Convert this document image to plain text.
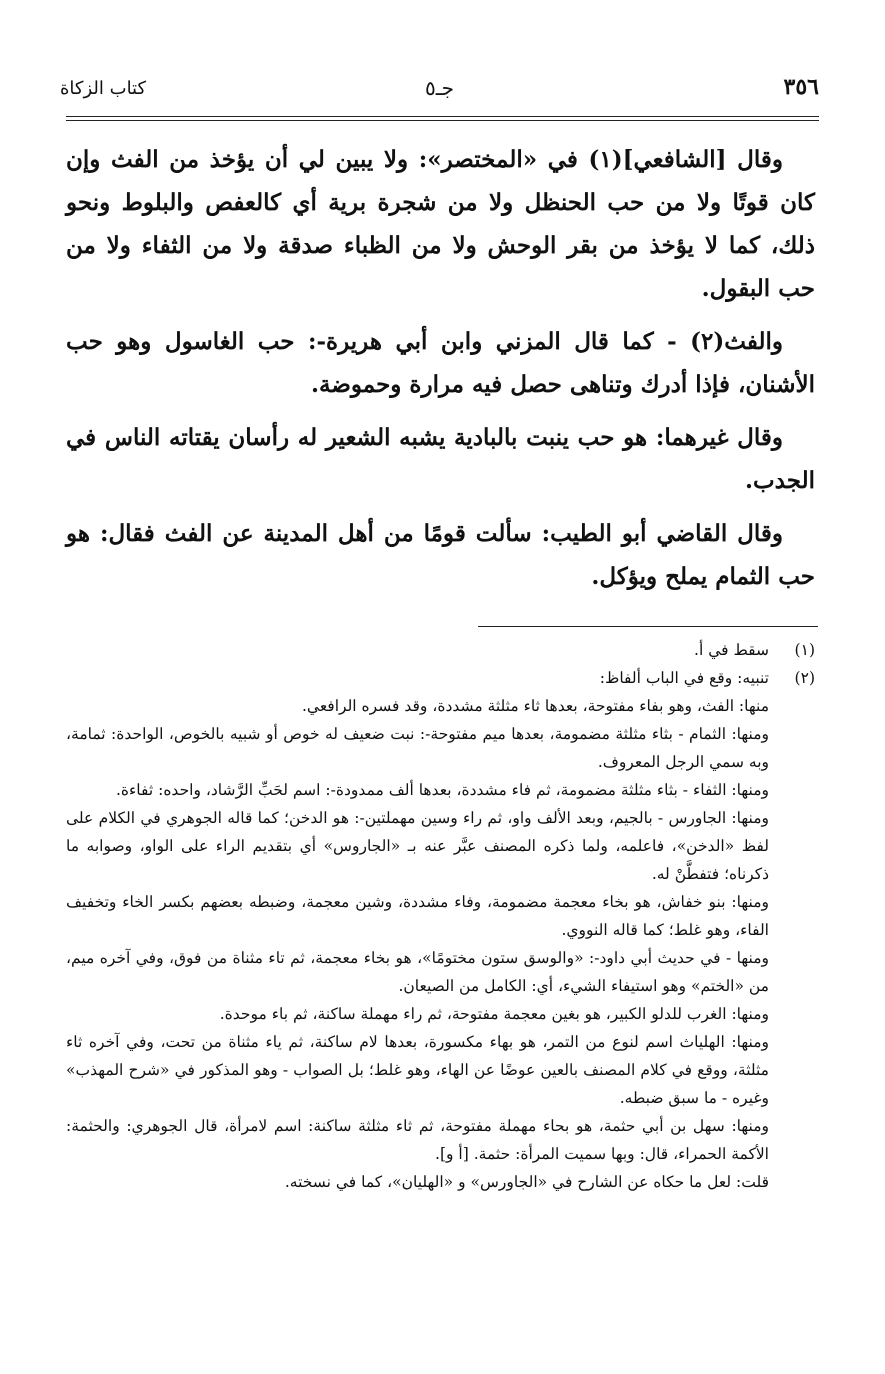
٣٥٦
جـ٥
كتاب الزكاة

وقال [الشافعي](١) في «المختصر»: ولا يبين لي أن يؤخذ من الفث وإن كان قوتًا ولا من حب الحنظل ولا من شجرة برية أي كالعفص والبلوط ونحو ذلك، كما لا يؤخذ من بقر الوحش ولا من الظباء صدقة ولا من الثفاء ولا من حب البقول.

والفث(٢) - كما قال المزني وابن أبي هريرة-: حب الغاسول وهو حب الأشنان، فإذا أدرك وتناهى حصل فيه مرارة وحموضة.

وقال غيرهما: هو حب ينبت بالبادية يشبه الشعير له رأسان يقتاته الناس في الجدب.

وقال القاضي أبو الطيب: سألت قومًا من أهل المدينة عن الفث فقال: هو حب الثمام يملح ويؤكل.

(١)
سقط في أ.
(٢)
تنبيه: وقع في الباب ألفاظ:

منها: الفث، وهو بفاء مفتوحة، بعدها ثاء مثلثة مشددة، وقد فسره الرافعي.

ومنها: الثمام - بثاء مثلثة مضمومة، بعدها ميم مفتوحة-: نبت ضعيف له خوص أو شبيه بالخوص، الواحدة: ثمامة، وبه سمي الرجل المعروف.

ومنها: الثفاء - بثاء مثلثة مضمومة، ثم فاء مشددة، بعدها ألف ممدودة-: اسم لحَبِّ الرَّشاد، واحده: ثفاءة.

ومنها: الجاورس - بالجيم، وبعد الألف واو، ثم راء وسين مهملتين-: هو الدخن؛ كما قاله الجوهري في الكلام على لفظ «الدخن»، فاعلمه، ولما ذكره المصنف عبَّر عنه بـ «الجاروس» أي بتقديم الراء على الواو، وصوابه ما ذكرناه؛ فتفطَّنْ له.

ومنها: بنو خفاش، هو بخاء معجمة مضمومة، وفاء مشددة، وشين معجمة، وضبطه بعضهم بكسر الخاء وتخفيف الفاء، وهو غلط؛ كما قاله النووي.

ومنها - في حديث أبي داود-: «والوسق ستون مختومًا»، هو بخاء معجمة، ثم تاء مثناة من فوق، وفي آخره ميم، من «الختم» وهو استيفاء الشيء، أي: الكامل من الصيعان.

ومنها: الغرب للدلو الكبير، هو بغين معجمة مفتوحة، ثم راء مهملة ساكنة، ثم باء موحدة.

ومنها: الهلياث اسم لنوع من التمر، هو بهاء مكسورة، بعدها لام ساكنة، ثم ياء مثناة من تحت، وفي آخره ثاء مثلثة، ووقع في كلام المصنف بالعين عوضًا عن الهاء، وهو غلط؛ بل الصواب - وهو المذكور في «شرح المهذب» وغيره - ما سبق ضبطه.

ومنها: سهل بن أبي حثمة، هو بحاء مهملة مفتوحة، ثم ثاء مثلثة ساكنة: اسم لامرأة، قال الجوهري: والحثمة: الأكمة الحمراء، قال: وبها سميت المرأة: حثمة. [أ و].

قلت: لعل ما حكاه عن الشارح في «الجاورس» و «الهليان»، كما في نسخته.
